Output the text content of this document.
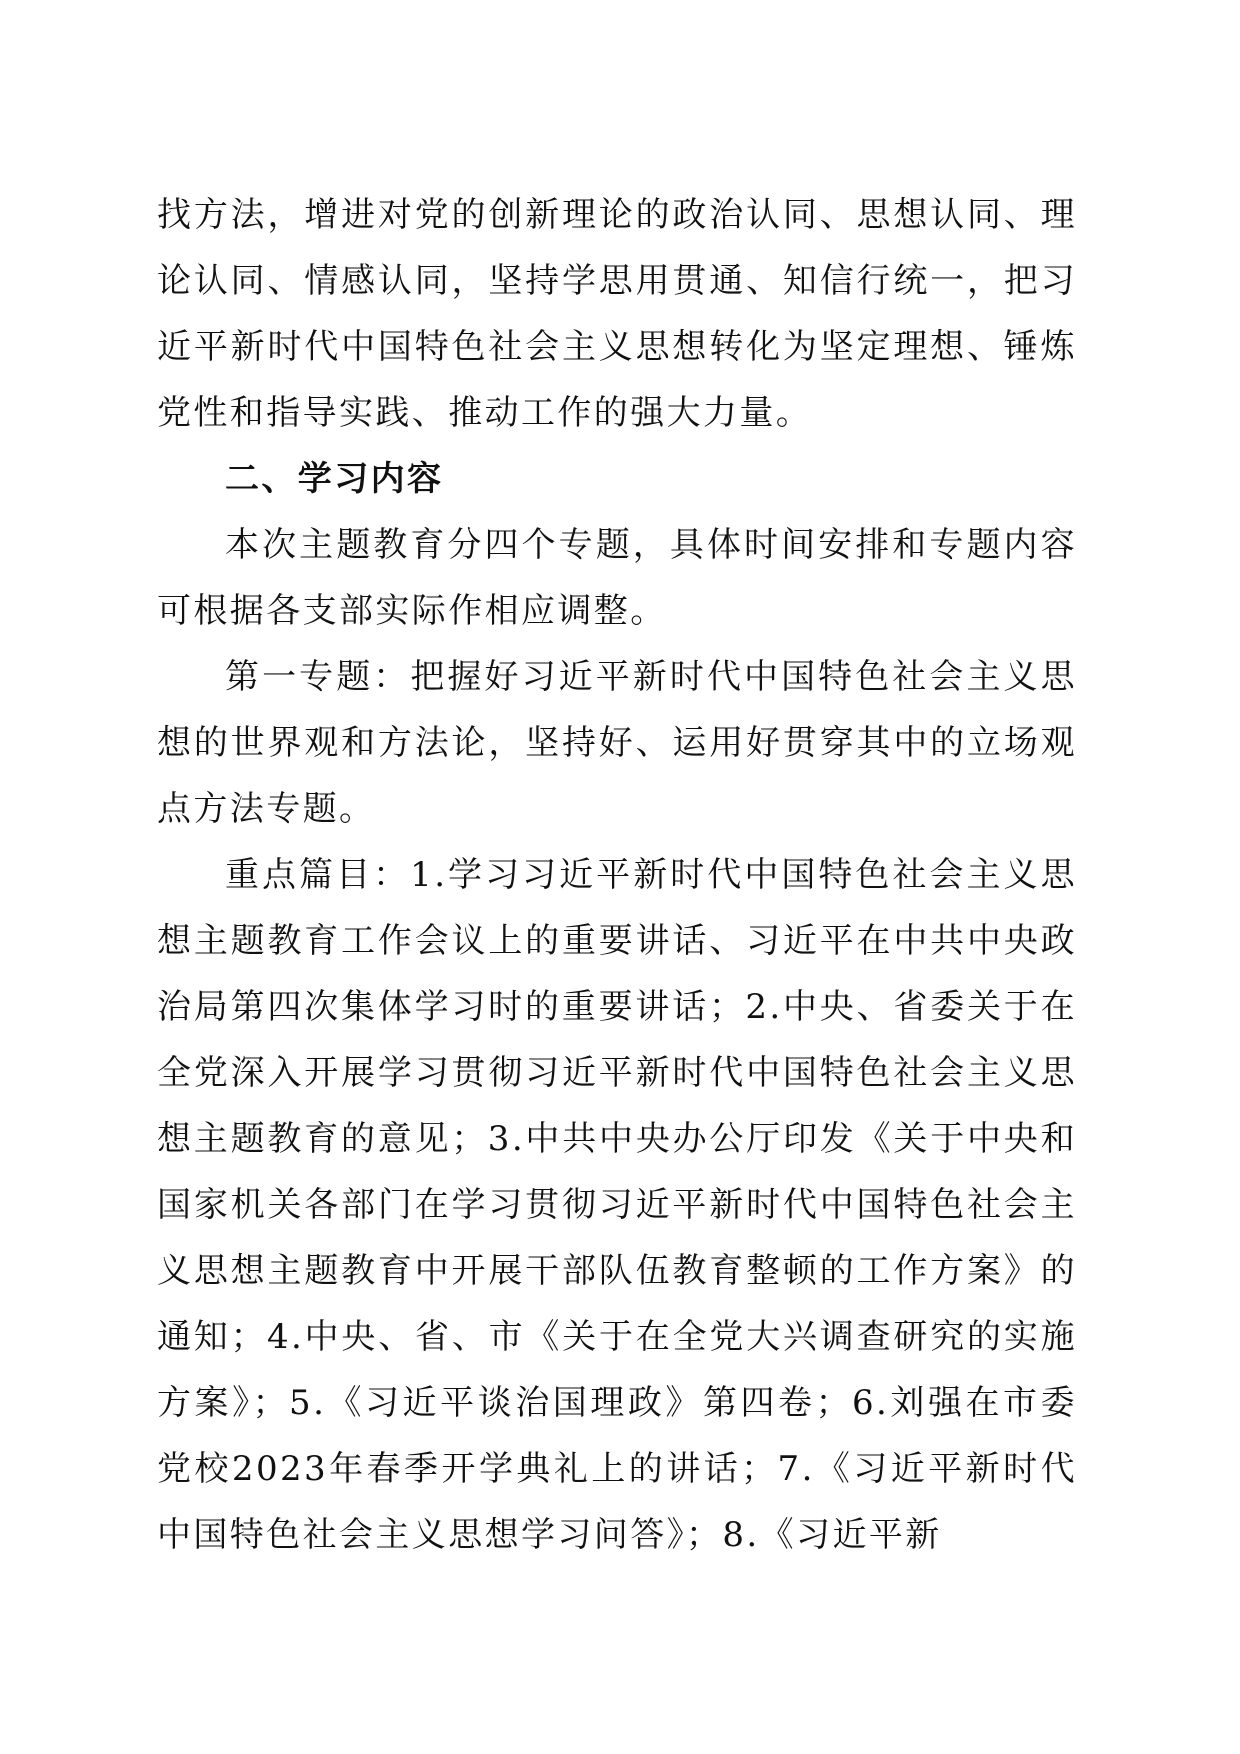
找方法，增进对党的创新理论的政治认同、思想认同、理论认同、情感认同，坚持学思用贯通、知信行统一，把习近平新时代中国特色社会主义思想转化为坚定理想、锤炼党性和指导实践、推动工作的强大力量。

二、学习内容

本次主题教育分四个专题，具体时间安排和专题内容可根据各支部实际作相应调整。

第一专题：把握好习近平新时代中国特色社会主义思想的世界观和方法论，坚持好、运用好贯穿其中的立场观点方法专题。

重点篇目：1.学习习近平新时代中国特色社会主义思想主题教育工作会议上的重要讲话、习近平在中共中央政治局第四次集体学习时的重要讲话；2.中央、省委关于在全党深入开展学习贯彻习近平新时代中国特色社会主义思想主题教育的意见；3.中共中央办公厅印发《关于中央和国家机关各部门在学习贯彻习近平新时代中国特色社会主义思想主题教育中开展干部队伍教育整顿的工作方案》的通知；4.中央、省、市《关于在全党大兴调查研究的实施方案》；5.《习近平谈治国理政》第四卷；6.刘强在市委党校2023年春季开学典礼上的讲话；7.《习近平新时代中国特色社会主义思想学习问答》；8.《习近平新
